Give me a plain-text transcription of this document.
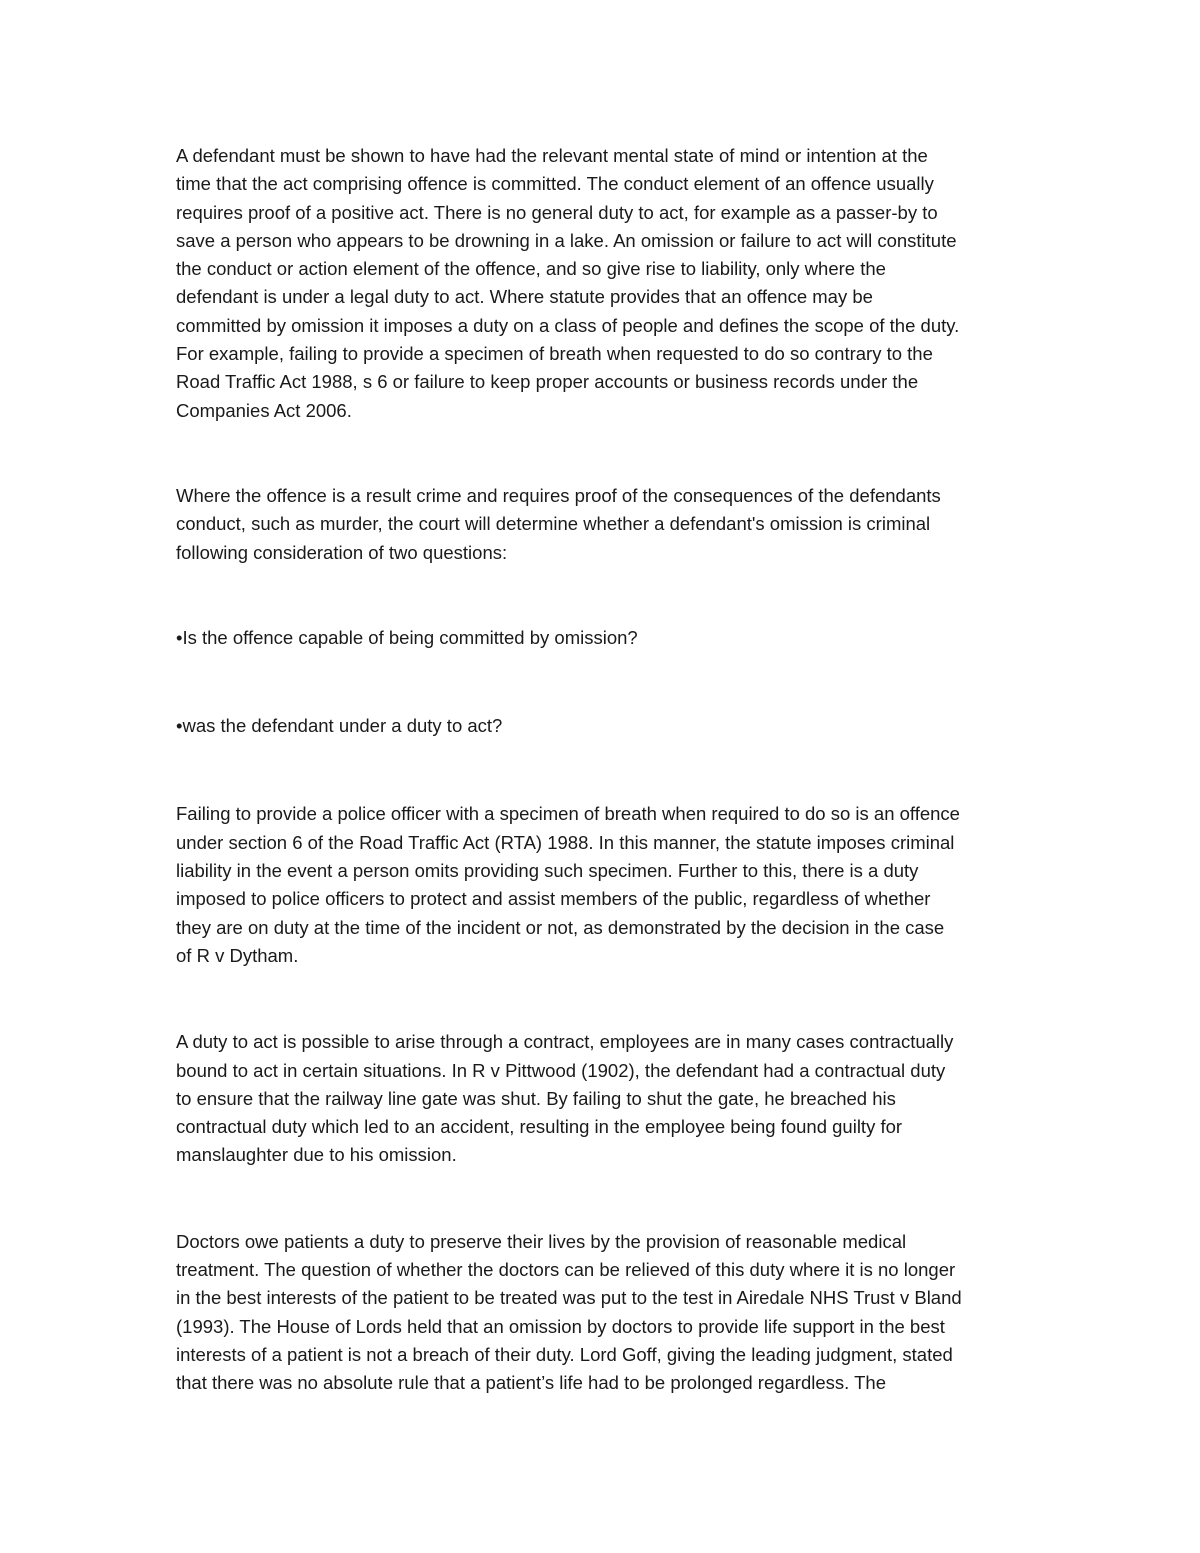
A defendant must be shown to have had the relevant mental state of mind or intention at the
time that the act comprising offence is committed. The conduct element of an offence usually
requires proof of a positive act. There is no general duty to act, for example as a passer-by to
save a person who appears to be drowning in a lake. An omission or failure to act will constitute
the conduct or action element of the offence, and so give rise to liability, only where the
defendant is under a legal duty to act. Where statute provides that an offence may be
committed by omission it imposes a duty on a class of people and defines the scope of the duty.
For example, failing to provide a specimen of breath when requested to do so contrary to the
Road Traffic Act 1988, s 6 or failure to keep proper accounts or business records under the
Companies Act 2006.
Where the offence is a result crime and requires proof of the consequences of the defendants
conduct, such as murder, the court will determine whether a defendant's omission is criminal
following consideration of two questions:
•Is the offence capable of being committed by omission?
•was the defendant under a duty to act?
Failing to provide a police officer with a specimen of breath when required to do so is an offence
under section 6 of the Road Traffic Act (RTA) 1988. In this manner, the statute imposes criminal
liability in the event a person omits providing such specimen. Further to this, there is a duty
imposed to police officers to protect and assist members of the public, regardless of whether
they are on duty at the time of the incident or not, as demonstrated by the decision in the case
of R v Dytham.
A duty to act is possible to arise through a contract, employees are in many cases contractually
bound to act in certain situations. In R v Pittwood (1902), the defendant had a contractual duty
to ensure that the railway line gate was shut. By failing to shut the gate, he breached his
contractual duty which led to an accident, resulting in the employee being found guilty for
manslaughter due to his omission.
Doctors owe patients a duty to preserve their lives by the provision of reasonable medical
treatment. The question of whether the doctors can be relieved of this duty where it is no longer
in the best interests of the patient to be treated was put to the test in Airedale NHS Trust v Bland
(1993). The House of Lords held that an omission by doctors to provide life support in the best
interests of a patient is not a breach of their duty. Lord Goff, giving the leading judgment, stated
that there was no absolute rule that a patient’s life had to be prolonged regardless. The
